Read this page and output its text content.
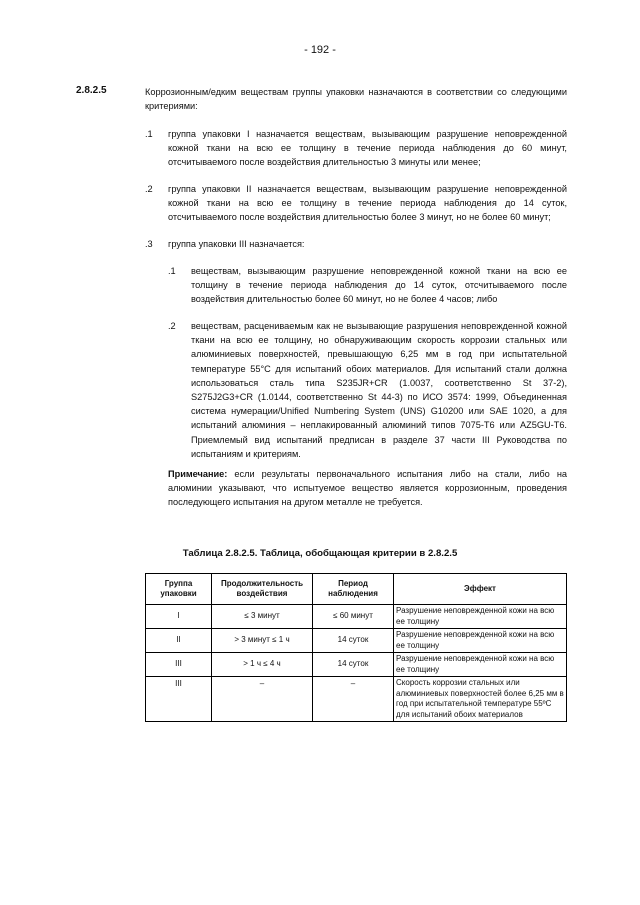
- 192 -
2.8.2.5	Коррозионным/едким веществам группы упаковки назначаются в соответствии со следующими критериями:
.1 группа упаковки I назначается веществам, вызывающим разрушение неповрежденной кожной ткани на всю ее толщину в течение периода наблюдения до 60 минут, отсчитываемого после воздействия длительностью 3 минуты или менее;
.2 группа упаковки II назначается веществам, вызывающим разрушение неповрежденной кожной ткани на всю ее толщину в течение периода наблюдения до 14 суток, отсчитываемого после воздействия длительностью более 3 минут, но не более 60 минут;
.3 группа упаковки III назначается:
.1 веществам, вызывающим разрушение неповрежденной кожной ткани на всю ее толщину в течение периода наблюдения до 14 суток, отсчитываемого после воздействия длительностью более 60 минут, но не более 4 часов; либо
.2 веществам, расцениваемым как не вызывающие разрушения неповрежденной кожной ткани на всю ее толщину, но обнаруживающим скорость коррозии стальных или алюминиевых поверхностей, превышающую 6,25 мм в год при испытательной температуре 55°C для испытаний обоих материалов. Для испытаний стали должна использоваться сталь типа S235JR+CR (1.0037, соответственно St 37-2), S275J2G3+CR (1.0144, соответственно St 44-3) по ИСО 3574: 1999, Объединенная система нумерации/Unified Numbering System (UNS) G10200 или SAE 1020, а для испытаний алюминия – неплакированный алюминий типов 7075-T6 или AZ5GU-T6. Приемлемый вид испытаний предписан в разделе 37 части III Руководства по испытаниям и критериям.
Примечание: если результаты первоначального испытания либо на стали, либо на алюминии указывают, что испытуемое вещество является коррозионным, проведения последующего испытания на другом металле не требуется.
Таблица 2.8.2.5. Таблица, обобщающая критерии в 2.8.2.5
Группа упаковки	Продолжительность воздействия	Период наблюдения	Эффект
I	≤ 3 минут	≤ 60 минут	Разрушение неповрежденной кожи на всю ее толщину
II	> 3 минут ≤ 1 ч	14 суток	Разрушение неповрежденной кожи на всю ее толщину
III	> 1 ч ≤ 4 ч	14 суток	Разрушение неповрежденной кожи на всю ее толщину
III	–	–	Скорость коррозии стальных или алюминиевых поверхностей более 6,25 мм в год при испытательной температуре 55ºC для испытаний обоих материалов
